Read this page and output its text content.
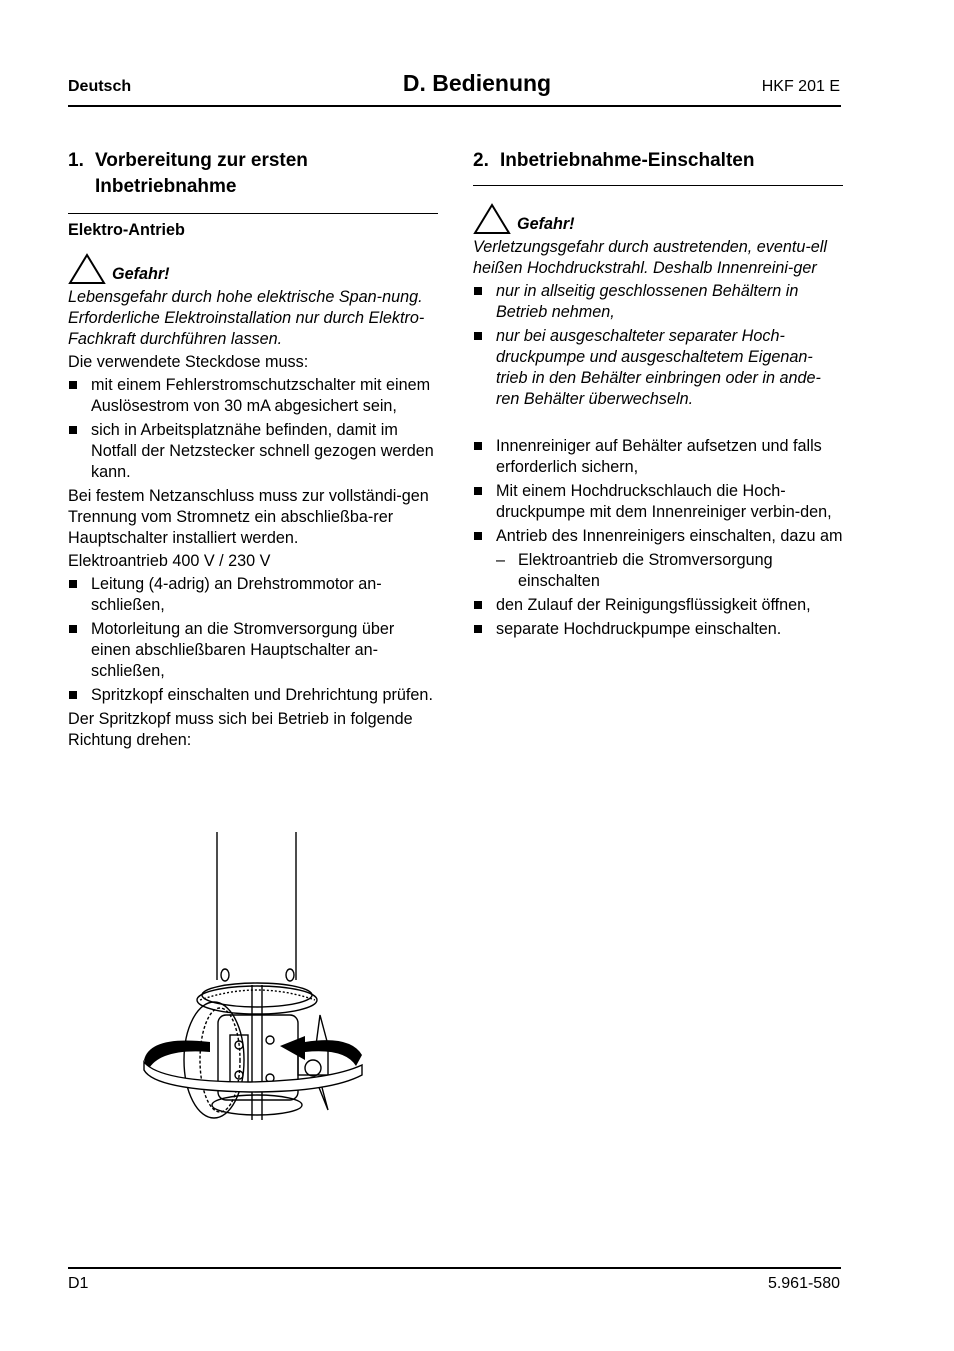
Deutsch	D. Bedienung	HKF 201 E
1. Vorbereitung zur ersten Inbetriebnahme
Elektro-Antrieb
Gefahr!

Lebensgefahr durch hohe elektrische Span-nung. Erforderliche Elektroinstallation nur durch Elektro-Fachkraft durchführen lassen.

Die verwendete Steckdose muss:

mit einem Fehlerstromschutzschalter mit einem Auslösestrom von 30 mA abgesichert sein,
sich in Arbeitsplatznähe befinden, damit im Notfall der Netzstecker schnell gezogen werden kann.

Bei festem Netzanschluss muss zur vollständi-gen Trennung vom Stromnetz ein abschließba-rer Hauptschalter installiert werden.

Elektroantrieb 400 V / 230 V

Leitung (4-adrig) an Drehstrommotor an-schließen,
Motorleitung an die Stromversorgung über einen abschließbaren Hauptschalter an-schließen,
Spritzkopf einschalten und Drehrichtung prüfen.

Der Spritzkopf muss sich bei Betrieb in folgende Richtung drehen:

2. Inbetriebnahme-Einschalten
Gefahr!

Verletzungsgefahr durch austretenden, eventu-ell heißen Hochdruckstrahl. Deshalb Innenreini-ger

nur in allseitig geschlossenen Behältern in Betrieb nehmen,
nur bei ausgeschalteter separater Hoch-druckpumpe und ausgeschaltetem Eigenan-trieb in den Behälter einbringen oder in ande-ren Behälter überwechseln.
Innenreiniger auf Behälter aufsetzen und falls erforderlich sichern,
Mit einem Hochdruckschlauch die Hoch-druckpumpe mit dem Innenreiniger verbin-den,
Antrieb des Innenreinigers einschalten, dazu am
– Elektroantrieb die Stromversorgung einschalten
den Zulauf der Reinigungsflüssigkeit öffnen,
separate Hochdruckpumpe einschalten.
D1	5.961-580
